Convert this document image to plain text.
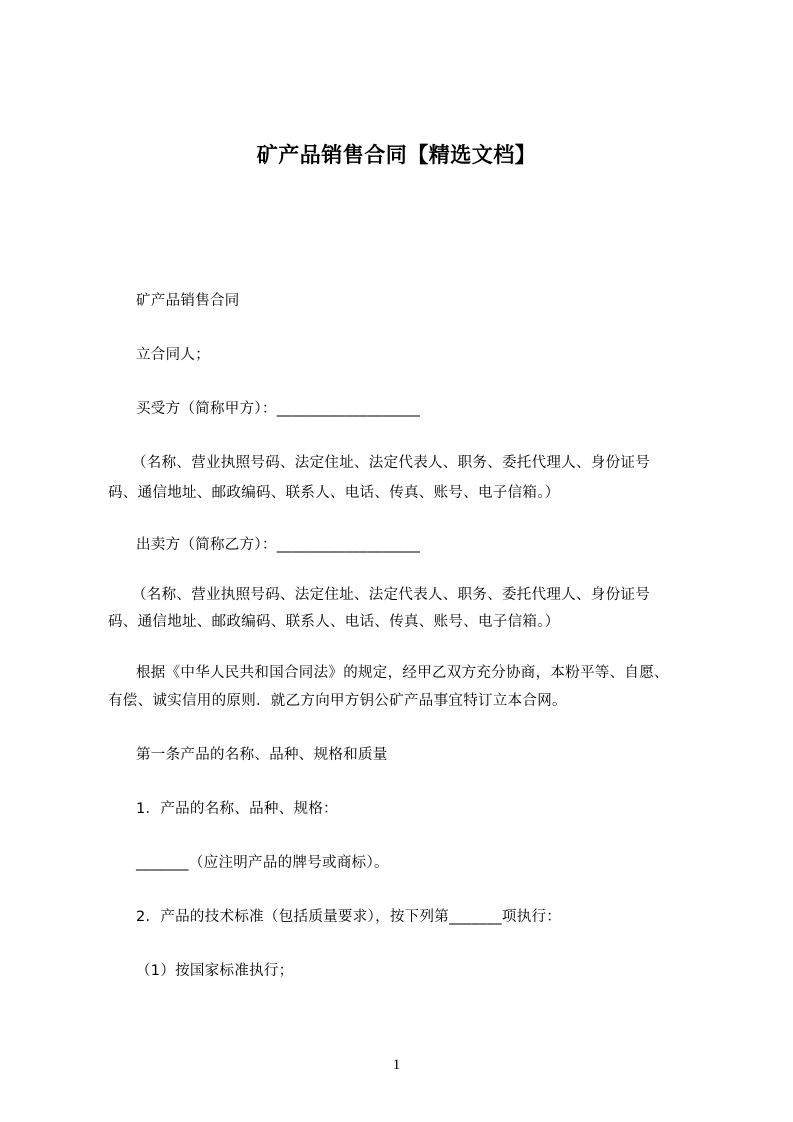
矿产品销售合同【精选文档】
矿产品销售合同
立合同人；
买受方（简称甲方）：___________________
（名称、营业执照号码、法定住址、法定代表人、职务、委托代理人、身份证号
码、通信地址、邮政编码、联系人、电话、传真、账号、电子信箱。）
出卖方（简称乙方）：___________________
（名称、营业执照号码、法定住址、法定代表人、职务、委托代理人、身份证号
码、通信地址、邮政编码、联系人、电话、传真、账号、电子信箱。）
根据《中华人民共和国合同法》的规定，经甲乙双方充分协商，本粉平等、自愿、
有偿、诚实信用的原则．就乙方向甲方钥公矿产品事宜特订立本合网。
第一条产品的名称、品种、规格和质量
1．产品的名称、品种、规格：
_______（应注明产品的牌号或商标）。
2．产品的技术标准（包括质量要求），按下列第_______项执行：
（1）按国家标准执行；
1
